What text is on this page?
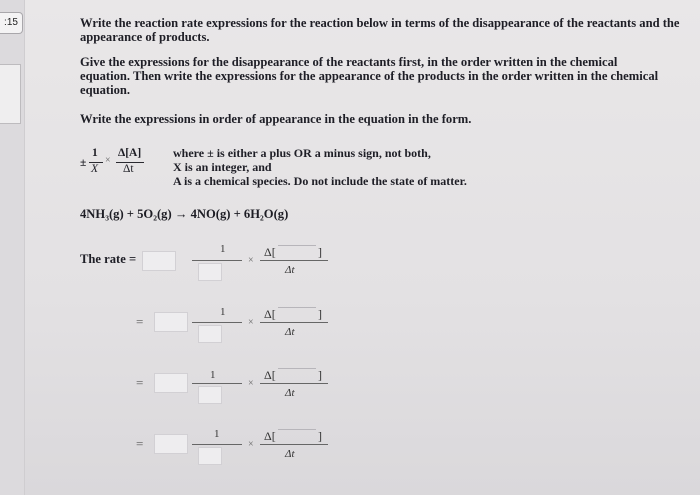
:15	Write the reaction rate expressions for the reaction below in terms of the disappearance of the reactants and the appearance of products.
Give the expressions for the disappearance of the reactants first, in the order written in the chemical equation. Then write the expressions for the appearance of the products in the order written in the chemical equation.
Write the expressions in order of appearance in the equation in the form.
±
1
X
×
Δ[A]
Δt
where ± is either a plus OR a minus sign, not both,
X is an integer, and
A is a chemical species. Do not include the state of matter.
4NH₃(g) + 5O₂(g) → 4NO(g) + 6H₂O(g)
The rate =
1
×
Δ[	]
Δt
=
1
×
Δ[	]
Δt
=	1
×
Δ[	]
Δt
=
1
×
Δ[	]
Δt
